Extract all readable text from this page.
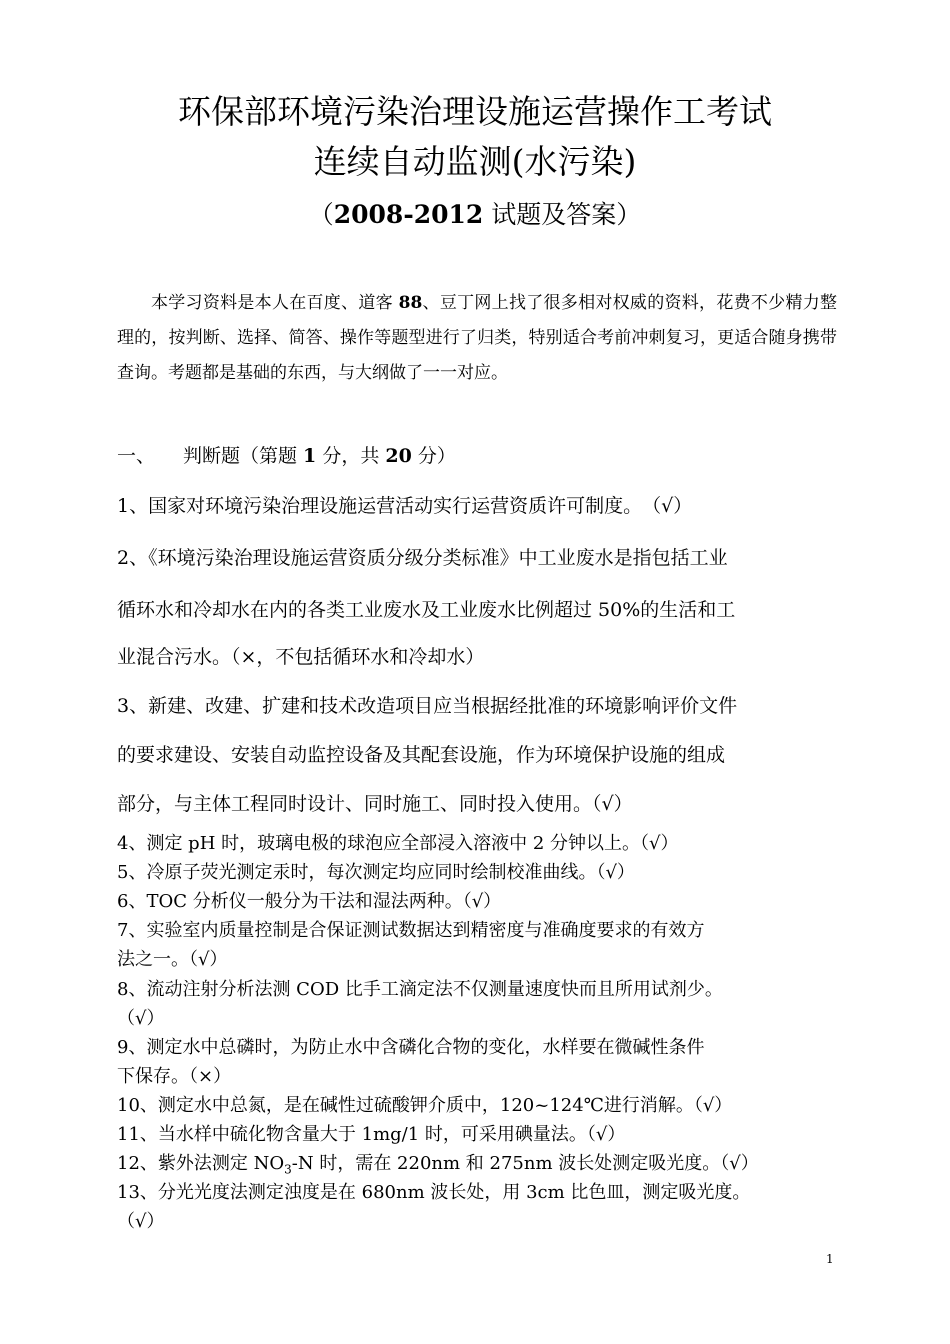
环保部环境污染治理设施运营操作工考试
连续自动监测(水污染)
（2008-2012 试题及答案）
本学习资料是本人在百度、道客 88、豆丁网上找了很多相对权威的资料，花费不少精力整理的，按判断、选择、简答、操作等题型进行了归类，特别适合考前冲刺复习，更适合随身携带查询。考题都是基础的东西，与大纲做了一一对应。
一、 判断题（第题 1 分，共 20 分）
1、国家对环境污染治理设施运营活动实行运营资质许可制度。　（√）
2、《环境污染治理设施运营资质分级分类标准》中工业废水是指包括工业
循环水和冷却水在内的各类工业废水及工业废水比例超过 50%的生活和工
业混合污水。（×，不包括循环水和冷却水）
3、新建、改建、扩建和技术改造项目应当根据经批准的环境影响评价文件
的要求建设、安装自动监控设备及其配套设施，作为环境保护设施的组成
部分，与主体工程同时设计、同时施工、同时投入使用。（√）
4、测定 pH 时，玻璃电极的球泡应全部浸入溶液中 2 分钟以上。（√）
5、冷原子荧光测定汞时，每次测定均应同时绘制校准曲线。（√）
6、TOC 分析仪一般分为干法和湿法两种。（√）
7、实验室内质量控制是合保证测试数据达到精密度与准确度要求的有效方
法之一。（√）
8、流动注射分析法测 COD 比手工滴定法不仅测量速度快而且所用试剂少。
（√）
9、测定水中总磷时，为防止水中含磷化合物的变化，水样要在微碱性条件
下保存。（×）
10、测定水中总氮，是在碱性过硫酸钾介质中，120~124℃进行消解。（√）
11、当水样中硫化物含量大于 1mg/1 时，可采用碘量法。（√）
12、紫外法测定 $NO_3-N$ 时，需在 220nm 和 275nm 波长处测定吸光度。（√）
13、分光光度法测定浊度是在 680nm 波长处，用 3cm 比色皿，测定吸光度。
（√）
1
